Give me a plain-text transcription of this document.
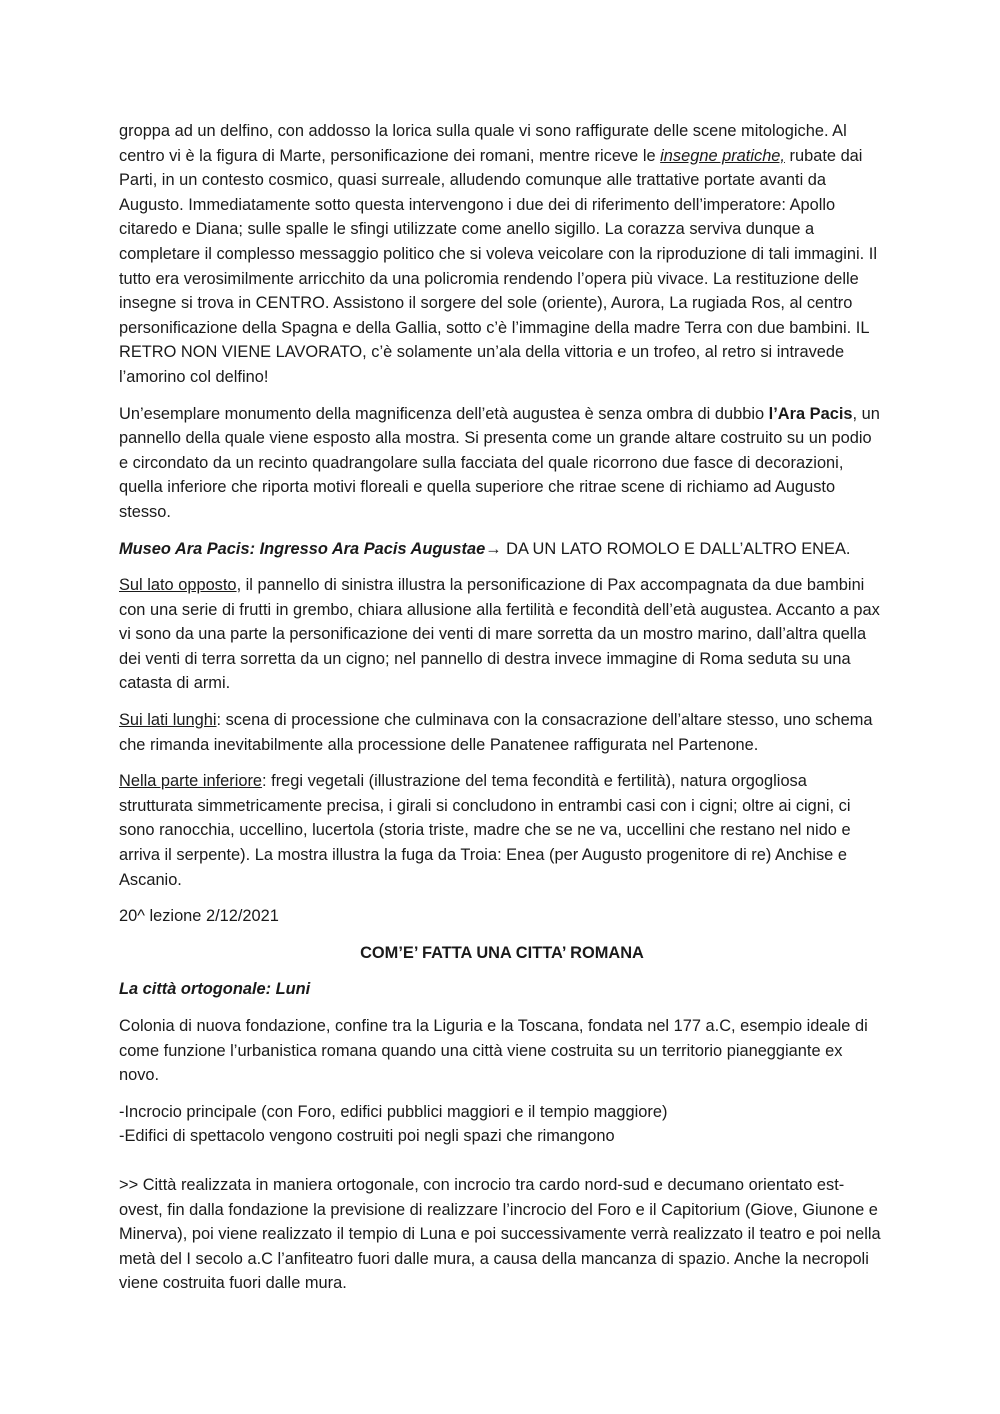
groppa ad un delfino, con addosso la lorica sulla quale vi sono raffigurate delle scene mitologiche. Al centro vi è la figura di Marte, personificazione dei romani, mentre riceve le insegne pratiche, rubate dai Parti, in un contesto cosmico, quasi surreale, alludendo comunque alle trattative portate avanti da Augusto. Immediatamente sotto questa intervengono i due dei di riferimento dell’imperatore: Apollo citaredo e Diana; sulle spalle le sfingi utilizzate come anello sigillo. La corazza serviva dunque a completare il complesso messaggio politico che si voleva veicolare con la riproduzione di tali immagini. Il tutto era verosimilmente arricchito da una policromia rendendo l’opera più vivace. La restituzione delle insegne si trova in CENTRO. Assistono il sorgere del sole (oriente), Aurora, La rugiada Ros, al centro personificazione della Spagna e della Gallia, sotto c’è l’immagine della madre Terra con due bambini. IL RETRO NON VIENE LAVORATO, c’è solamente un’ala della vittoria e un trofeo, al retro si intravede l’amorino col delfino!

Un’esemplare monumento della magnificenza dell’età augustea è senza ombra di dubbio l’Ara Pacis, un pannello della quale viene esposto alla mostra. Si presenta come un grande altare costruito su un podio e circondato da un recinto quadrangolare sulla facciata del quale ricorrono due fasce di decorazioni, quella inferiore che riporta motivi floreali e quella superiore che ritrae scene di richiamo ad Augusto stesso.

Museo Ara Pacis: Ingresso Ara Pacis Augustae→ DA UN LATO ROMOLO E DALL’ALTRO ENEA.

Sul lato opposto, il pannello di sinistra illustra la personificazione di Pax accompagnata da due bambini con una serie di frutti in grembo, chiara allusione alla fertilità e fecondità dell’età augustea. Accanto a pax vi sono da una parte la personificazione dei venti di mare sorretta da un mostro marino, dall’altra quella dei venti di terra sorretta da un cigno; nel pannello di destra invece immagine di Roma seduta su una catasta di armi.

Sui lati lunghi: scena di processione che culminava con la consacrazione dell’altare stesso, uno schema che rimanda inevitabilmente alla processione delle Panatenee raffigurata nel Partenone.

Nella parte inferiore: fregi vegetali (illustrazione del tema fecondità e fertilità), natura orgogliosa strutturata simmetricamente precisa, i girali si concludono in entrambi casi con i cigni; oltre ai cigni, ci sono ranocchia, uccellino, lucertola (storia triste, madre che se ne va, uccellini che restano nel nido e arriva il serpente). La mostra illustra la fuga da Troia: Enea (per Augusto progenitore di re) Anchise e Ascanio.

20^ lezione 2/12/2021

COM’E’ FATTA UNA CITTA’ ROMANA

La città ortogonale: Luni

Colonia di nuova fondazione, confine tra la Liguria e la Toscana, fondata nel 177 a.C, esempio ideale di come funzione l’urbanistica romana quando una città viene costruita su un territorio pianeggiante ex novo.

-Incrocio principale (con Foro, edifici pubblici maggiori e il tempio maggiore)

-Edifici di spettacolo vengono costruiti poi negli spazi che rimangono

>> Città realizzata in maniera ortogonale, con incrocio tra cardo nord-sud e decumano orientato est-ovest, fin dalla fondazione la previsione di realizzare l’incrocio del Foro e il Capitorium (Giove, Giunone e Minerva), poi viene realizzato il tempio di Luna e poi successivamente verrà realizzato il teatro e poi nella metà del I secolo a.C l’anfiteatro fuori dalle mura, a causa della mancanza di spazio. Anche la necropoli viene costruita fuori dalle mura.
